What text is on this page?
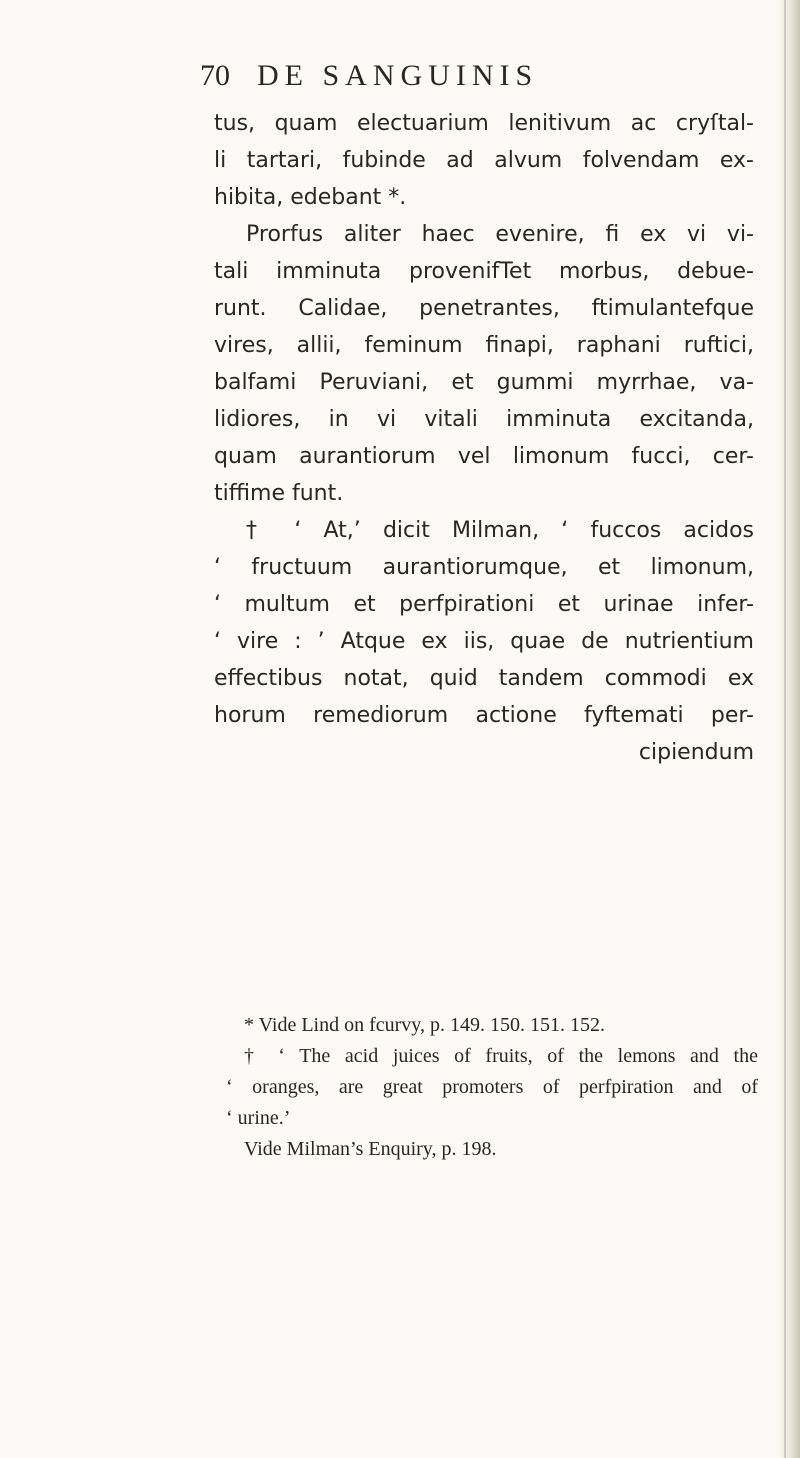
70 DE SANGUINIS
tus, quam electuarium lenitivum ac cryſtal-
li tartari, fubinde ad alvum folvendam ex-
hibita, edebant *.
Prorfus aliter haec evenire, fi ex vi vi-
tali imminuta provenifTet morbus, debue-
runt. Calidae, penetrantes, ftimulantefque
vires, allii, feminum finapi, raphani ruftici,
balfami Peruviani, et gummi myrrhae, va-
lidiores, in vi vitali imminuta excitanda,
quam aurantiorum vel limonum fucci, cer-
tiffime funt.
† ‘ At,’ dicit Milman, ‘ fuccos acidos
‘ fructuum aurantiorumque, et limonum,
‘ multum et perfpirationi et urinae infer-
‘ vire : ’ Atque ex iis, quae de nutrientium
effectibus notat, quid tandem commodi ex
horum remediorum actione fyftemati per-
cipiendum
* Vide Lind on fcurvy, p. 149. 150. 151. 152.
† ‘ The acid juices of fruits, of the lemons and the
‘ oranges, are great promoters of perfpiration and of
‘ urine.’
Vide Milman’s Enquiry, p. 198.
